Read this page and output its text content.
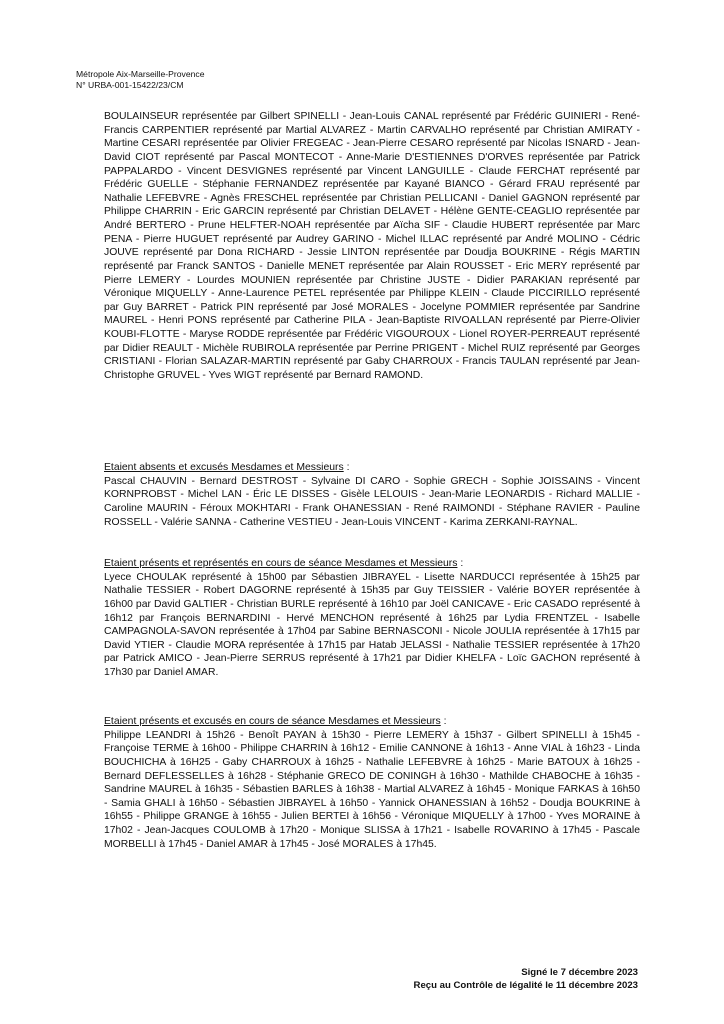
Métropole Aix-Marseille-Provence
N° URBA-001-15422/23/CM

BOULAINSEUR représentée par Gilbert SPINELLI - Jean-Louis CANAL représenté par Frédéric GUINIERI - René-Francis CARPENTIER représenté par Martial ALVAREZ - Martin CARVALHO représenté par Christian AMIRATY - Martine CESARI représentée par Olivier FREGEAC - Jean-Pierre CESARO représenté par Nicolas ISNARD - Jean-David CIOT représenté par Pascal MONTECOT - Anne-Marie D'ESTIENNES D'ORVES représentée par Patrick PAPPALARDO - Vincent DESVIGNES représenté par Vincent LANGUILLE - Claude FERCHAT représenté par Frédéric GUELLE - Stéphanie FERNANDEZ représentée par Kayané BIANCO - Gérard FRAU représenté par Nathalie LEFEBVRE - Agnès FRESCHEL représentée par Christian PELLICANI - Daniel GAGNON représenté par Philippe CHARRIN - Eric GARCIN représenté par Christian DELAVET - Hélène GENTE-CEAGLIO représentée par André BERTERO - Prune HELFTER-NOAH représentée par Aïcha SIF - Claudie HUBERT représentée par Marc PENA - Pierre HUGUET représenté par Audrey GARINO - Michel ILLAC représenté par André MOLINO - Cédric JOUVE représenté par Dona RICHARD - Jessie LINTON représentée par Doudja BOUKRINE - Régis MARTIN représenté par Franck SANTOS - Danielle MENET représentée par Alain ROUSSET - Eric MERY représenté par Pierre LEMERY - Lourdes MOUNIEN représentée par Christine JUSTE - Didier PARAKIAN représenté par Véronique MIQUELLY - Anne-Laurence PETEL représentée par Philippe KLEIN - Claude PICCIRILLO représenté par Guy BARRET - Patrick PIN représenté par José MORALES - Jocelyne POMMIER représentée par Sandrine MAUREL - Henri PONS représenté par Catherine PILA - Jean-Baptiste RIVOALLAN représenté par Pierre-Olivier KOUBI-FLOTTE - Maryse RODDE représentée par Frédéric VIGOUROUX - Lionel ROYER-PERREAUT représenté par Didier REAULT - Michèle RUBIROLA représentée par Perrine PRIGENT - Michel RUIZ représenté par Georges CRISTIANI - Florian SALAZAR-MARTIN représenté par Gaby CHARROUX - Francis TAULAN représenté par Jean-Christophe GRUVEL - Yves WIGT représenté par Bernard RAMOND.

Etaient absents et excusés Mesdames et Messieurs :

Pascal CHAUVIN - Bernard DESTROST - Sylvaine DI CARO - Sophie GRECH - Sophie JOISSAINS - Vincent KORNPROBST - Michel LAN - Éric LE DISSES - Gisèle LELOUIS - Jean-Marie LEONARDIS - Richard MALLIE - Caroline MAURIN - Féroux MOKHTARI - Frank OHANESSIAN - René RAIMONDI - Stéphane RAVIER - Pauline ROSSELL - Valérie SANNA - Catherine VESTIEU - Jean-Louis VINCENT - Karima ZERKANI-RAYNAL.

Etaient présents et représentés en cours de séance Mesdames et Messieurs :

Lyece CHOULAK représenté à 15h00 par Sébastien JIBRAYEL - Lisette NARDUCCI représentée à 15h25 par Nathalie TESSIER - Robert DAGORNE représenté à 15h35 par Guy TEISSIER - Valérie BOYER représentée à 16h00 par David GALTIER - Christian BURLE représenté à 16h10 par Joël CANICAVE - Eric CASADO représenté à 16h12 par François BERNARDINI - Hervé MENCHON représenté à 16h25 par Lydia FRENTZEL - Isabelle CAMPAGNOLA-SAVON représentée à 17h04 par Sabine BERNASCONI - Nicole JOULIA représentée à 17h15 par David YTIER - Claudie MORA représentée à 17h15 par Hatab JELASSI - Nathalie TESSIER représentée à 17h20 par Patrick AMICO - Jean-Pierre SERRUS représenté à 17h21 par Didier KHELFA - Loïc GACHON représenté à 17h30 par Daniel AMAR.

Etaient présents et excusés en cours de séance Mesdames et Messieurs :

Philippe LEANDRI à 15h26 - Benoît PAYAN à 15h30 - Pierre LEMERY à 15h37 - Gilbert SPINELLI à 15h45 - Françoise TERME à 16h00 - Philippe CHARRIN à 16h12 - Emilie CANNONE à 16h13 - Anne VIAL à 16h23 - Linda BOUCHICHA à 16H25 - Gaby CHARROUX à 16h25 - Nathalie LEFEBVRE à 16h25 - Marie BATOUX à 16h25 - Bernard DEFLESSELLES à 16h28 - Stéphanie GRECO DE CONINGH à 16h30 - Mathilde CHABOCHE à 16h35 - Sandrine MAUREL à 16h35 - Sébastien BARLES à 16h38 - Martial ALVAREZ à 16h45 - Monique FARKAS à 16h50 - Samia GHALI à 16h50 - Sébastien JIBRAYEL à 16h50 - Yannick OHANESSIAN à 16h52 - Doudja BOUKRINE à 16h55 - Philippe GRANGE à 16h55 - Julien BERTEI à 16h56 - Véronique MIQUELLY à 17h00 - Yves MORAINE à 17h02 - Jean-Jacques COULOMB à 17h20 - Monique SLISSA à 17h21 - Isabelle ROVARINO à 17h45 - Pascale MORBELLI à 17h45 - Daniel AMAR à 17h45 - José MORALES à 17h45.

Signé le 7 décembre 2023
Reçu au Contrôle de légalité le 11 décembre 2023
